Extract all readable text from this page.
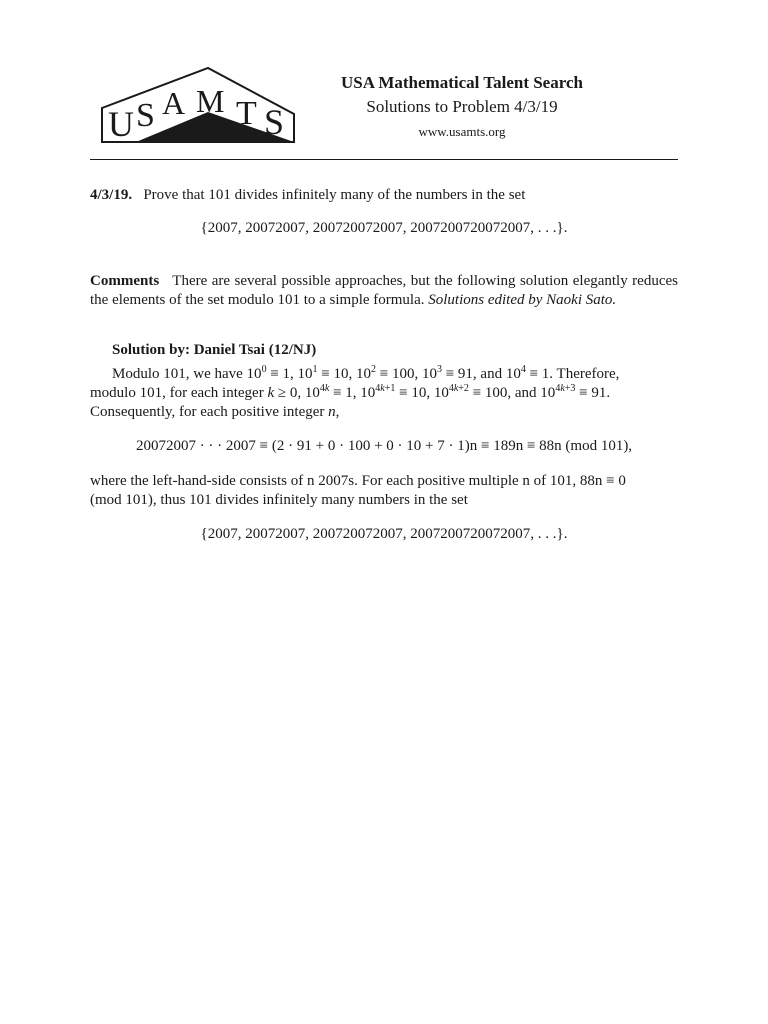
U S A M T S
USA Mathematical Talent Search
Solutions to Problem 4/3/19
www.usamts.org
4/3/19. Prove that 101 divides infinitely many of the numbers in the set
{2007, 20072007, 200720072007, 2007200720072007, . . .}.
Comments There are several possible approaches, but the following solution elegantly reduces the elements of the set modulo 101 to a simple formula. Solutions edited by Naoki Sato.
Solution by: Daniel Tsai (12/NJ)
Modulo 101, we have $10^0 \equiv 1$, $10^1 \equiv 10$, $10^2 \equiv 100$, $10^3 \equiv 91$, and $10^4 \equiv 1$. Therefore,
modulo 101, for each integer k ≥ 0, $10^{4k} \equiv 1$, $10^{4k+1} \equiv 10$, $10^{4k+2} \equiv 100$, and $10^{4k+3} \equiv 91$.
Consequently, for each positive integer n,
20072007 · · · 2007 ≡ (2 · 91 + 0 · 100 + 0 · 10 + 7 · 1)n ≡ 189n ≡ 88n (mod 101),
where the left-hand-side consists of n 2007s. For each positive multiple n of 101, 88n ≡ 0
(mod 101), thus 101 divides infinitely many numbers in the set
{2007, 20072007, 200720072007, 2007200720072007, . . .}.
